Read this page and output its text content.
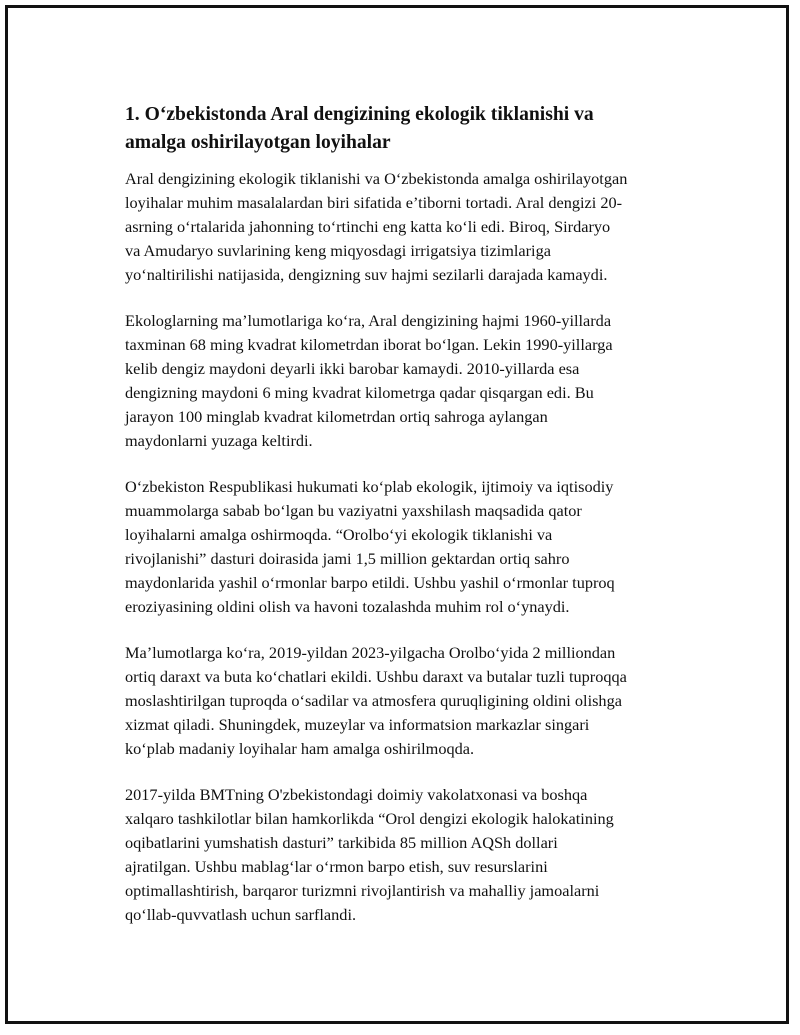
1. O‘zbekistonda Aral dengizining ekologik tiklanishi va
amalga oshirilayotgan loyihalar

Aral dengizining ekologik tiklanishi va O‘zbekistonda amalga oshirilayotgan
loyihalar muhim masalalardan biri sifatida e’tiborni tortadi. Aral dengizi 20-
asrning o‘rtalarida jahonning to‘rtinchi eng katta ko‘li edi. Biroq, Sirdaryo
va Amudaryo suvlarining keng miqyosdagi irrigatsiya tizimlariga
yo‘naltirilishi natijasida, dengizning suv hajmi sezilarli darajada kamaydi.

Ekologlarning ma’lumotlariga ko‘ra, Aral dengizining hajmi 1960-yillarda
taxminan 68 ming kvadrat kilometrdan iborat bo‘lgan. Lekin 1990-yillarga
kelib dengiz maydoni deyarli ikki barobar kamaydi. 2010-yillarda esa
dengizning maydoni 6 ming kvadrat kilometrga qadar qisqargan edi. Bu
jarayon 100 minglab kvadrat kilometrdan ortiq sahroga aylangan
maydonlarni yuzaga keltirdi.

O‘zbekiston Respublikasi hukumati ko‘plab ekologik, ijtimoiy va iqtisodiy
muammolarga sabab bo‘lgan bu vaziyatni yaxshilash maqsadida qator
loyihalarni amalga oshirmoqda. “Orolbo‘yi ekologik tiklanishi va
rivojlanishi” dasturi doirasida jami 1,5 million gektardan ortiq sahro
maydonlarida yashil o‘rmonlar barpo etildi. Ushbu yashil o‘rmonlar tuproq
eroziyasining oldini olish va havoni tozalashda muhim rol o‘ynaydi.

Ma’lumotlarga ko‘ra, 2019-yildan 2023-yilgacha Orolbo‘yida 2 milliondan
ortiq daraxt va buta ko‘chatlari ekildi. Ushbu daraxt va butalar tuzli tuproqqa
moslashtirilgan tuproqda o‘sadilar va atmosfera quruqligining oldini olishga
xizmat qiladi. Shuningdek, muzeylar va informatsion markazlar singari
ko‘plab madaniy loyihalar ham amalga oshirilmoqda.

2017-yilda BMTning O'zbekistondagi doimiy vakolatxonasi va boshqa
xalqaro tashkilotlar bilan hamkorlikda “Orol dengizi ekologik halokatining
oqibatlarini yumshatish dasturi” tarkibida 85 million AQSh dollari
ajratilgan. Ushbu mablag‘lar o‘rmon barpo etish, suv resurslarini
optimallashtirish, barqaror turizmni rivojlantirish va mahalliy jamoalarni
qo‘llab-quvvatlash uchun sarflandi.
